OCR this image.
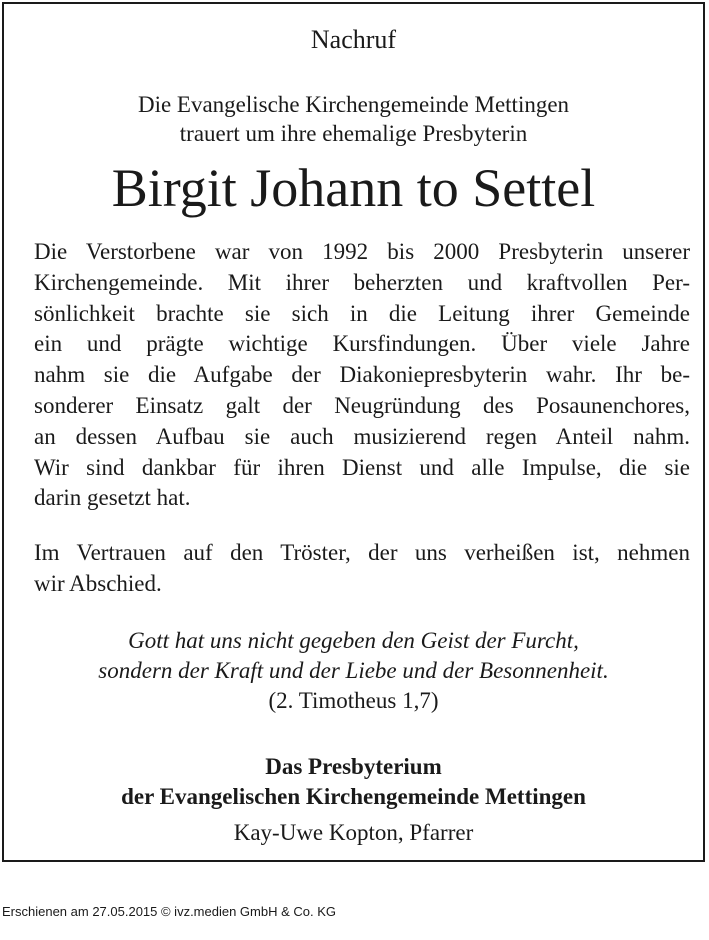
Nachruf
Die Evangelische Kirchengemeinde Mettingen
trauert um ihre ehemalige Presbyterin
Birgit Johann to Settel
Die Verstorbene war von 1992 bis 2000 Presbyterin unserer
Kirchengemeinde. Mit ihrer beherzten und kraftvollen Per-
sönlichkeit brachte sie sich in die Leitung ihrer Gemeinde
ein und prägte wichtige Kursfindungen. Über viele Jahre
nahm sie die Aufgabe der Diakoniepresbyterin wahr. Ihr be-
sonderer Einsatz galt der Neugründung des Posaunenchores,
an dessen Aufbau sie auch musizierend regen Anteil nahm.
Wir sind dankbar für ihren Dienst und alle Impulse, die sie
darin gesetzt hat.
Im Vertrauen auf den Tröster, der uns verheißen ist, nehmen
wir Abschied.
Gott hat uns nicht gegeben den Geist der Furcht,
sondern der Kraft und der Liebe und der Besonnenheit.
(2. Timotheus 1,7)
Das Presbyterium
der Evangelischen Kirchengemeinde Mettingen
Kay-Uwe Kopton, Pfarrer
Erschienen am 27.05.2015 © ivz.medien GmbH & Co. KG
